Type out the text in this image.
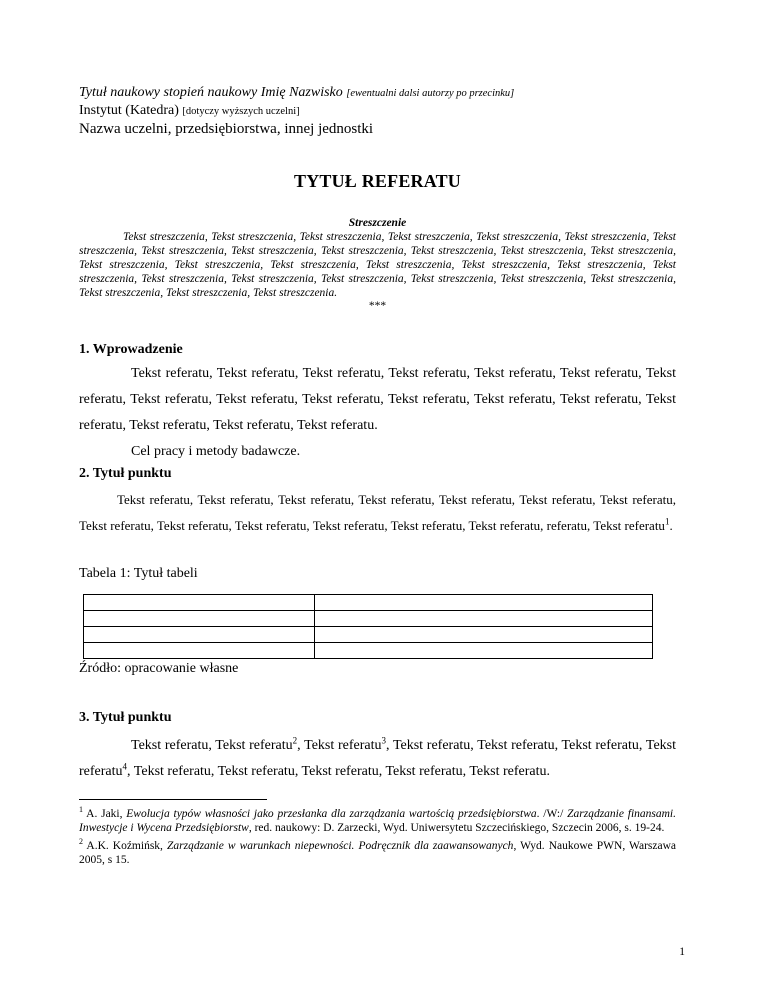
Tytuł naukowy stopień naukowy Imię Nazwisko [ewentualni dalsi autorzy po przecinku]
Instytut (Katedra) [dotyczy wyższych uczelni]
Nazwa uczelni, przedsiębiorstwa, innej jednostki
TYTUŁ REFERATU
Streszczenie
Tekst streszczenia, Tekst streszczenia, Tekst streszczenia, Tekst streszczenia, Tekst streszczenia, Tekst streszczenia, Tekst streszczenia, Tekst streszczenia, Tekst streszczenia, Tekst streszczenia, Tekst streszczenia, Tekst streszczenia, Tekst streszczenia, Tekst streszczenia, Tekst streszczenia, Tekst streszczenia, Tekst streszczenia, Tekst streszczenia, Tekst streszczenia, Tekst streszczenia, Tekst streszczenia, Tekst streszczenia, Tekst streszczenia, Tekst streszczenia, Tekst streszczenia, Tekst streszczenia, Tekst streszczenia, Tekst streszczenia, Tekst streszczenia.
***
1. Wprowadzenie
Tekst referatu, Tekst referatu, Tekst referatu, Tekst referatu, Tekst referatu, Tekst referatu, Tekst referatu, Tekst referatu, Tekst referatu, Tekst referatu, Tekst referatu, Tekst referatu, Tekst referatu, Tekst referatu, Tekst referatu, Tekst referatu, Tekst referatu.
Cel pracy i metody badawcze.
2. Tytuł punktu
Tekst referatu, Tekst referatu, Tekst referatu, Tekst referatu, Tekst referatu, Tekst referatu, Tekst referatu, Tekst referatu, Tekst referatu, Tekst referatu, Tekst referatu, Tekst referatu, Tekst referatu, referatu, Tekst referatu$^1$.
Tabela 1: Tytuł tabeli

Źródło: opracowanie własne
3. Tytuł punktu
Tekst referatu, Tekst referatu$^2$, Tekst referatu$^3$, Tekst referatu, Tekst referatu, Tekst referatu, Tekst referatu$^4$, Tekst referatu, Tekst referatu, Tekst referatu, Tekst referatu, Tekst referatu.
$^1$ A. Jaki, Ewolucja typów własności jako przesłanka dla zarządzania wartością przedsiębiorstwa. /W:/ Zarządzanie finansami. Inwestycje i Wycena Przedsiębiorstw, red. naukowy: D. Zarzecki, Wyd. Uniwersytetu Szczecińskiego, Szczecin 2006, s. 19-24.
$^2$ A.K. Koźmińsk, Zarządzanie w warunkach niepewności. Podręcznik dla zaawansowanych, Wyd. Naukowe PWN, Warszawa 2005, s 15.
1
